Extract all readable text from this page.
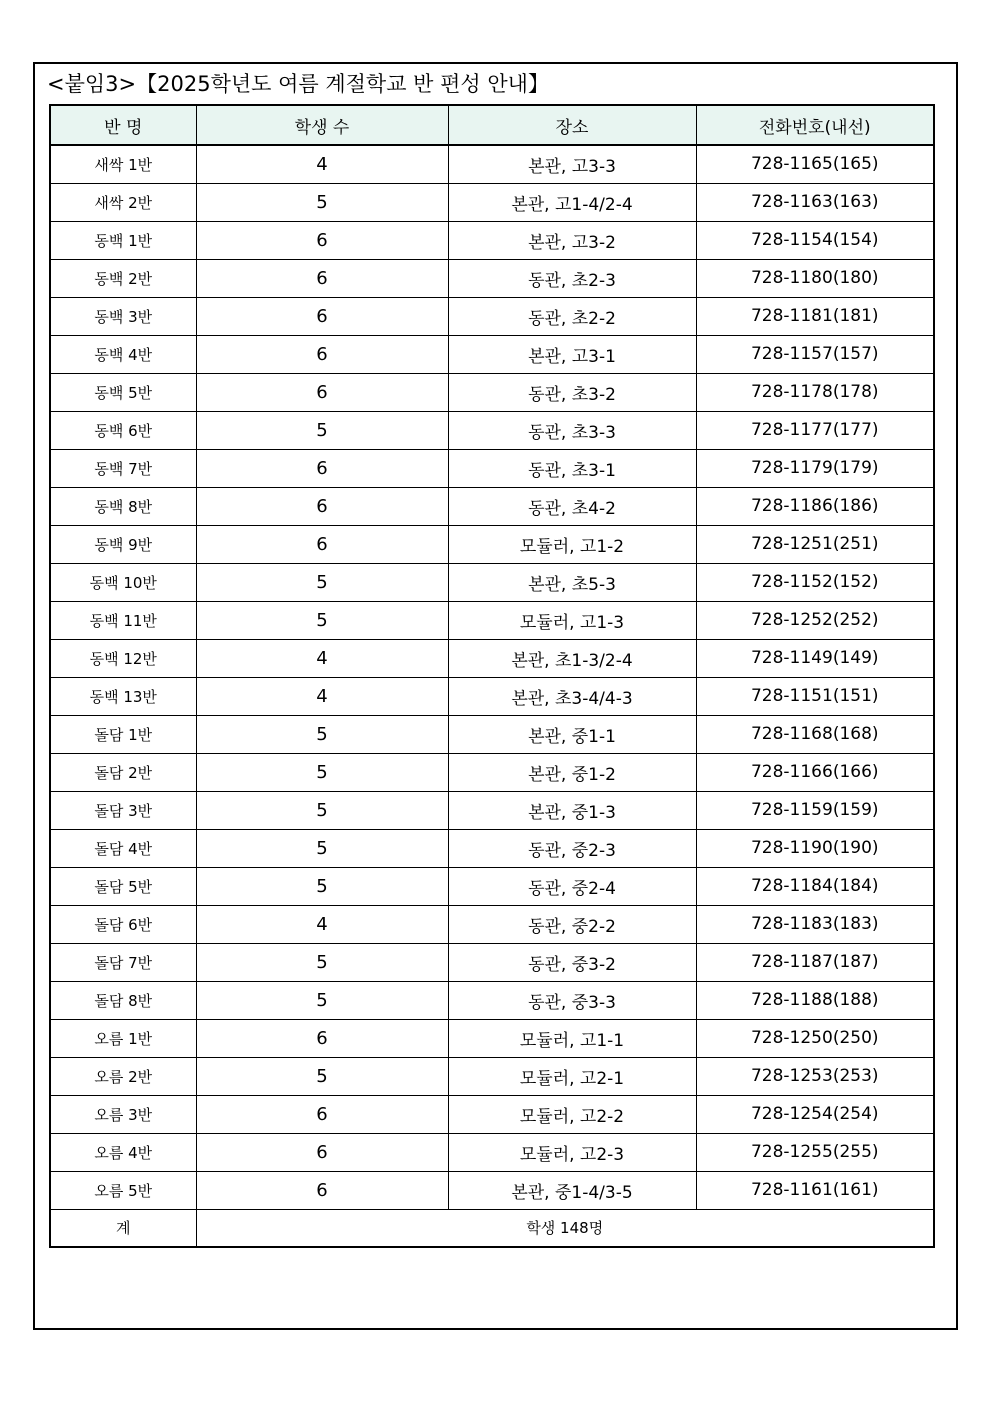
<붙임3>【2025학년도 여름 계절학교 반 편성 안내】
반 명	학생 수	장소	전화번호(내선)
새싹 1반	4	본관, 고3-3	728-1165(165)
새싹 2반	5	본관, 고1-4/2-4	728-1163(163)
동백 1반	6	본관, 고3-2	728-1154(154)
동백 2반	6	동관, 초2-3	728-1180(180)
동백 3반	6	동관, 초2-2	728-1181(181)
동백 4반	6	본관, 고3-1	728-1157(157)
동백 5반	6	동관, 초3-2	728-1178(178)
동백 6반	5	동관, 초3-3	728-1177(177)
동백 7반	6	동관, 초3-1	728-1179(179)
동백 8반	6	동관, 초4-2	728-1186(186)
동백 9반	6	모듈러, 고1-2	728-1251(251)
동백 10반	5	본관, 초5-3	728-1152(152)
동백 11반	5	모듈러, 고1-3	728-1252(252)
동백 12반	4	본관, 초1-3/2-4	728-1149(149)
동백 13반	4	본관, 초3-4/4-3	728-1151(151)
돌담 1반	5	본관, 중1-1	728-1168(168)
돌담 2반	5	본관, 중1-2	728-1166(166)
돌담 3반	5	본관, 중1-3	728-1159(159)
돌담 4반	5	동관, 중2-3	728-1190(190)
돌담 5반	5	동관, 중2-4	728-1184(184)
돌담 6반	4	동관, 중2-2	728-1183(183)
돌담 7반	5	동관, 중3-2	728-1187(187)
돌담 8반	5	동관, 중3-3	728-1188(188)
오름 1반	6	모듈러, 고1-1	728-1250(250)
오름 2반	5	모듈러, 고2-1	728-1253(253)
오름 3반	6	모듈러, 고2-2	728-1254(254)
오름 4반	6	모듈러, 고2-3	728-1255(255)
오름 5반	6	본관, 중1-4/3-5	728-1161(161)
계	학생 148명		
